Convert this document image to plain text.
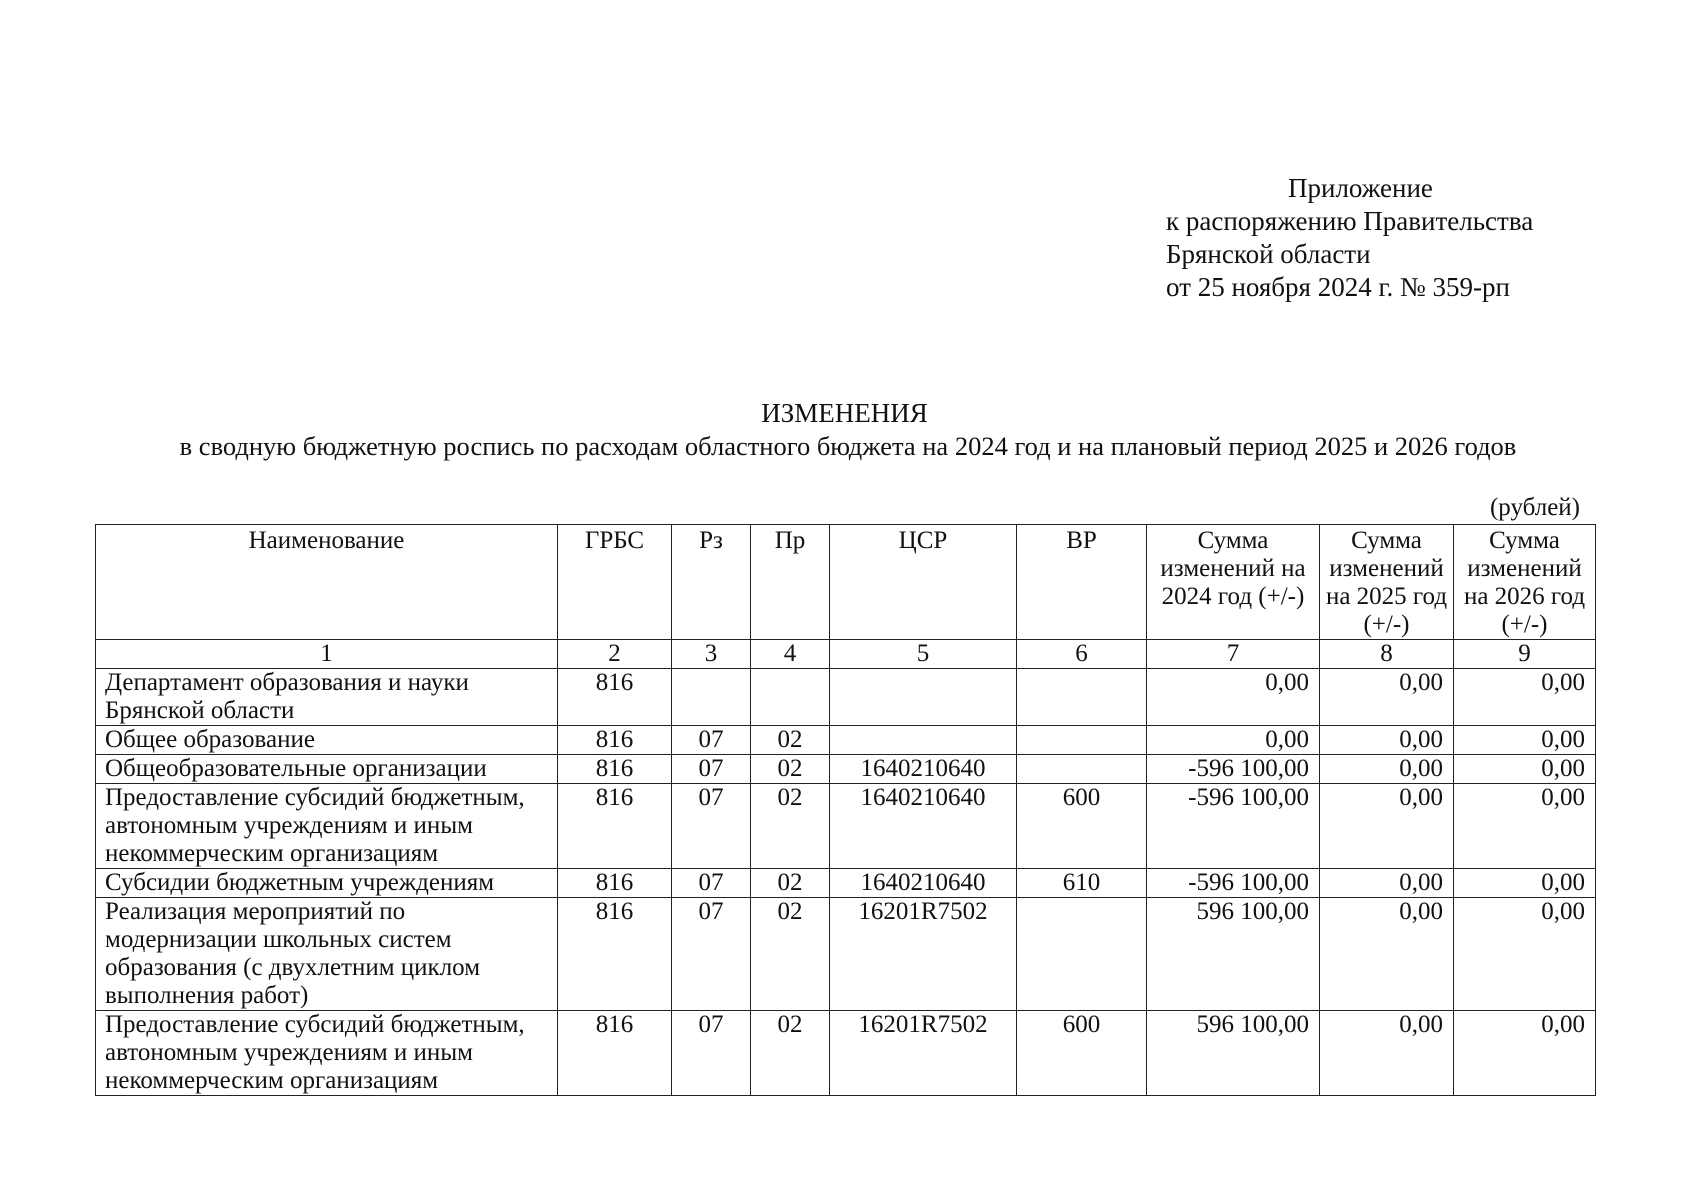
Приложение
к распоряжению Правительства
Брянской области
от 25 ноября 2024 г. № 359-рп
ИЗМЕНЕНИЯ
в сводную бюджетную роспись по расходам областного бюджета на 2024 год и на плановый период 2025 и 2026 годов
(рублей)
Наименование	ГРБС	Рз	Пр	ЦСР	ВР	Сумма изменений на 2024 год (+/-)	Сумма изменений на 2025 год (+/-)	Сумма изменений на 2026 год (+/-)
1	2	3	4	5	6	7	8	9
Департамент образования и науки Брянской области	816					0,00	0,00	0,00
Общее образование	816	07	02			0,00	0,00	0,00
Общеобразовательные организации	816	07	02	1640210640		-596 100,00	0,00	0,00
Предоставление субсидий бюджетным, автономным учреждениям и иным некоммерческим организациям	816	07	02	1640210640	600	-596 100,00	0,00	0,00
Субсидии бюджетным учреждениям	816	07	02	1640210640	610	-596 100,00	0,00	0,00
Реализация мероприятий по модернизации школьных систем образования (с двухлетним циклом выполнения работ)	816	07	02	16201R7502		596 100,00	0,00	0,00
Предоставление субсидий бюджетным, автономным учреждениям и иным некоммерческим организациям	816	07	02	16201R7502	600	596 100,00	0,00	0,00
